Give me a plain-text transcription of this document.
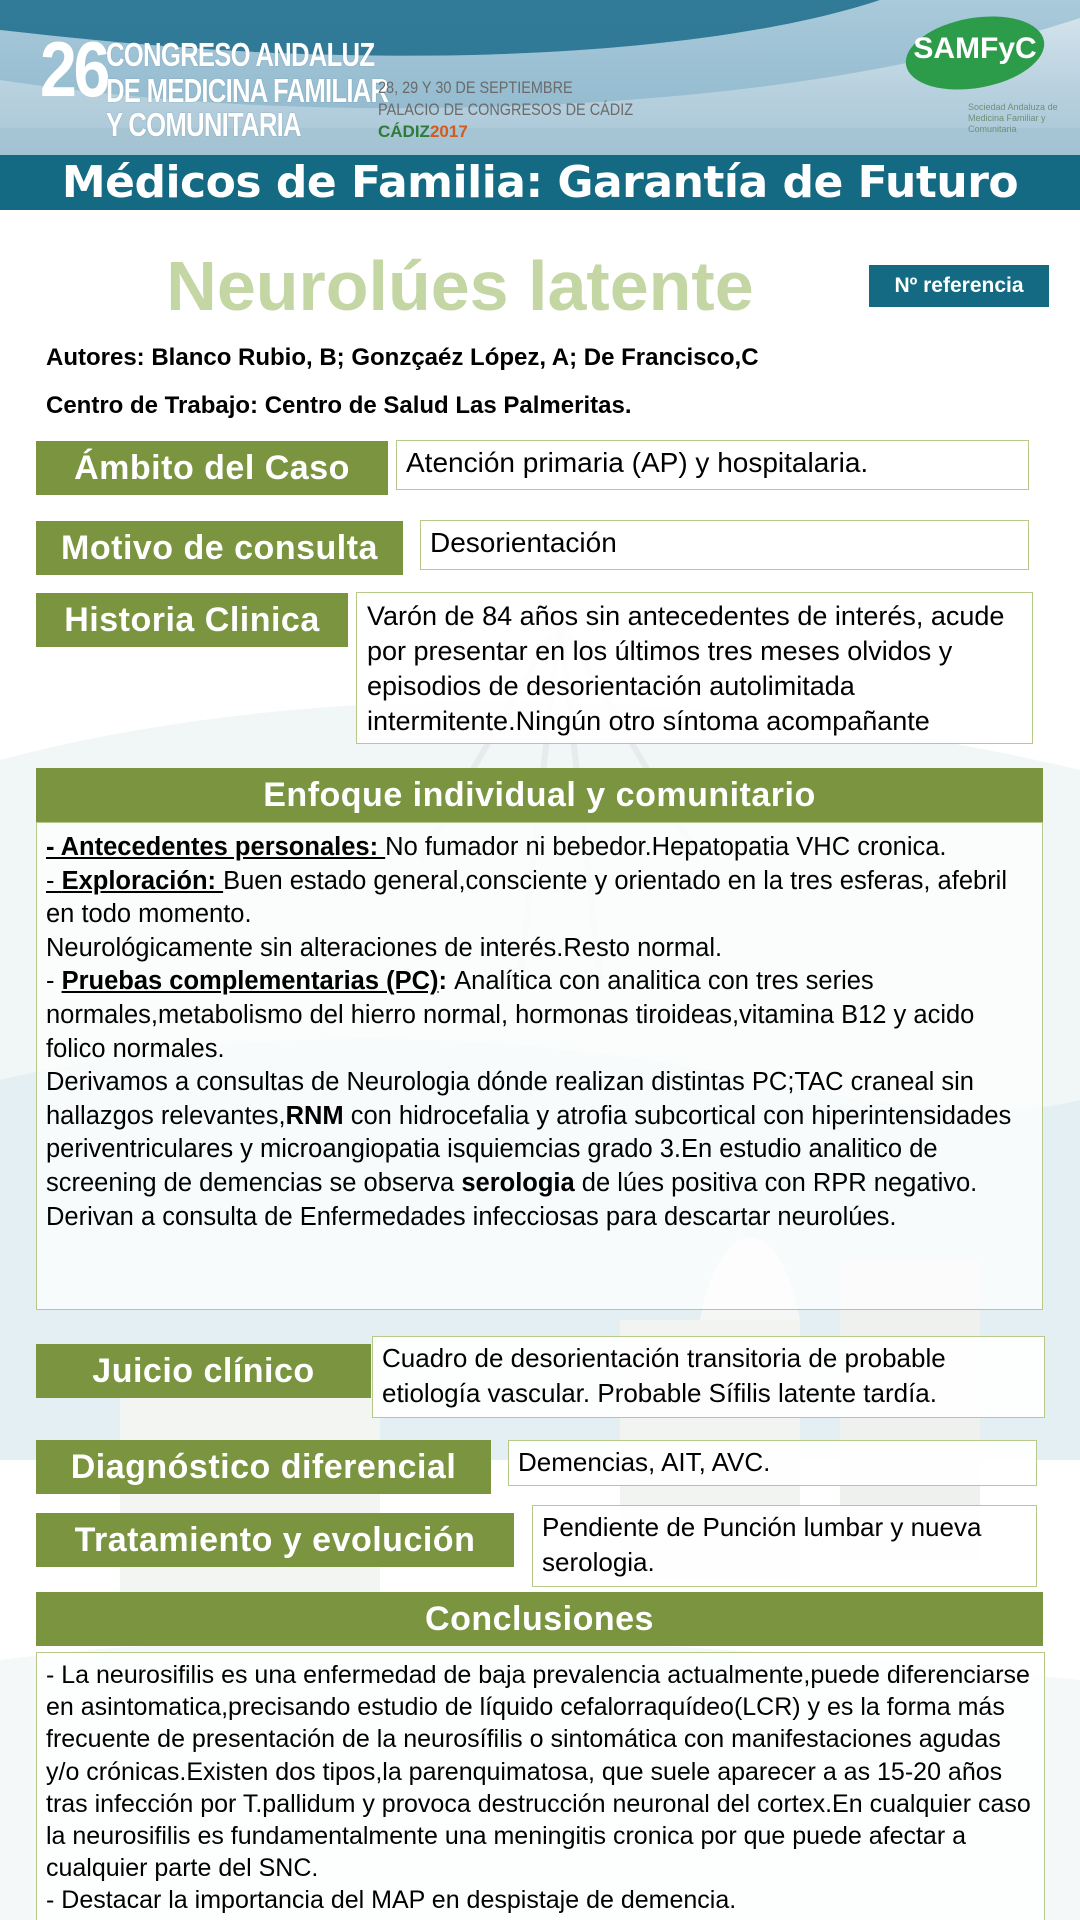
26 CONGRESO ANDALUZ
DE MEDICINA FAMILIAR
Y COMUNITARIA
28, 29 Y 30 DE SEPTIEMBRE
PALACIO DE CONGRESOS DE CÁDIZ
CÁDIZ2017
SAMFyC
Sociedad Andaluza de Medicina Familiar y Comunitaria
Médicos de Familia: Garantía de Futuro
Neurolúes latente	Nº referencia
Autores: Blanco Rubio, B; Gonzçaéz López, A; De Francisco,C
Centro de Trabajo: Centro de Salud Las Palmeritas.
Ámbito del Caso	Atención primaria (AP) y hospitalaria.
Motivo de consulta	Desorientación
Historia Clinica	Varón de 84 años sin antecedentes de interés, acude por presentar en los últimos tres meses olvidos y episodios de desorientación autolimitada intermitente.Ningún otro síntoma acompañante
Enfoque individual y comunitario

- Antecedentes personales: No fumador ni bebedor.Hepatopatia VHC cronica.

- Exploración: Buen estado general,consciente y orientado en la tres esferas, afebril en todo momento.

Neurológicamente sin alteraciones de interés.Resto normal.

- Pruebas complementarias (PC): Analítica con analitica con tres series normales,metabolismo del hierro normal, hormonas tiroideas,vitamina B12 y acido folico normales.

Derivamos a consultas de Neurologia dónde realizan distintas PC;TAC craneal sin hallazgos relevantes,RNM con hidrocefalia y atrofia subcortical con hiperintensidades periventriculares y microangiopatia isquiemcias grado 3.En estudio analitico de screening de demencias se observa serologia de lúes positiva con RPR negativo.

Derivan a consulta de Enfermedades infecciosas para descartar neurolúes.

Juicio clínico	Cuadro de desorientación transitoria de probable etiología vascular. Probable Sífilis latente tardía.
Diagnóstico diferencial	Demencias, AIT, AVC.
Tratamiento y evolución	Pendiente de Punción lumbar y nueva serologia.
Conclusiones

- La neurosifilis es una enfermedad de baja prevalencia actualmente,puede diferenciarse en asintomatica,precisando estudio de líquido cefalorraquídeo(LCR) y es la forma más frecuente de presentación de la neurosífilis o sintomática con manifestaciones agudas y/o crónicas.Existen dos tipos,la parenquimatosa, que suele aparecer a as 15-20 años tras infección por T.pallidum y provoca destrucción neuronal del cortex.En cualquier caso la neurosifilis es fundamentalmente una meningitis cronica por que puede afectar a cualquier parte del SNC.

- Destacar la importancia del MAP en despistaje de demencia.
